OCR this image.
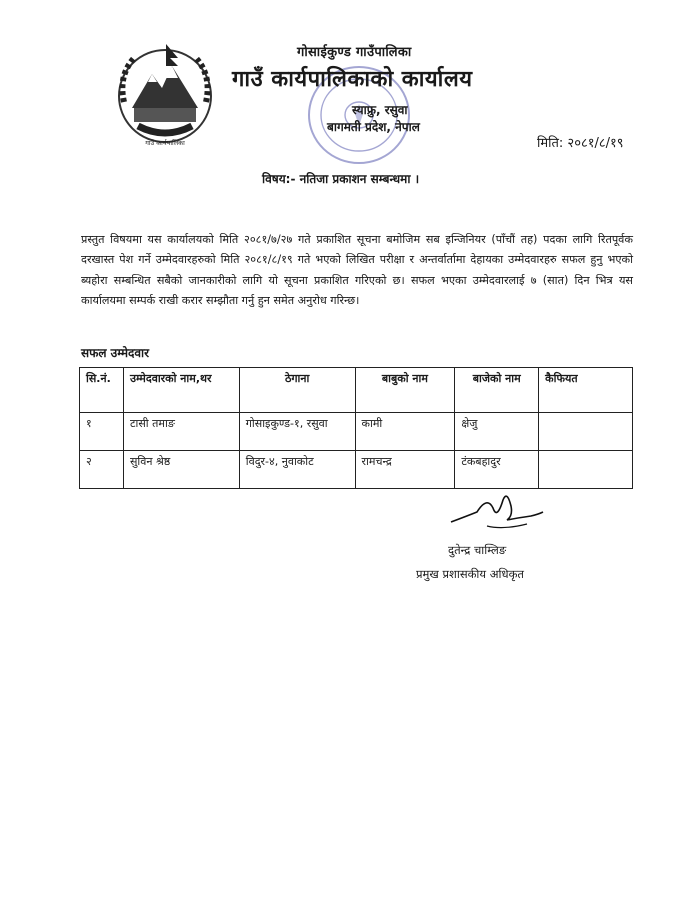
गाउँ कार्यपालिका
गोसाईकुण्ड गाउँपालिका
गाउँ कार्यपालिकाको कार्यालय
स्याफ्रु, रसुवा
बागमती प्रदेश, नेपाल
मिति: २०८१/८/१९
विषय:- नतिजा प्रकाशन सम्बन्धमा ।
प्रस्तुत विषयमा यस कार्यालयको मिति २०८१/७/२७ गते प्रकाशित सूचना बमोजिम सब इन्जिनियर (पाँचौं तह) पदका लागि रितपूर्वक दरखास्त पेश गर्ने उम्मेदवारहरुको मिति २०८१/८/१९ गते भएको लिखित परीक्षा र अन्तर्वार्तामा देहायका उम्मेदवारहरु सफल हुनु भएको ब्यहोरा सम्बन्धित सबैको जानकारीको लागि यो सूचना प्रकाशित गरिएको छ। सफल भएका उम्मेदवारलाई ७ (सात) दिन भित्र यस कार्यालयमा सम्पर्क राखी करार सम्झौता गर्नु हुन समेत अनुरोध गरिन्छ।
सफल उम्मेदवार
सि.नं.	उम्मेदवारको नाम,थर	ठेगाना	बाबुको नाम	बाजेको नाम	कैफियत
१	टासी तमाङ	गोसाइकुण्ड-१, रसुवा	कामी	क्षेजु	
२	सुविन श्रेष्ठ	विदुर-४, नुवाकोट	रामचन्द्र	टंकबहादुर	
दुतेन्द्र चाम्लिङ
प्रमुख प्रशासकीय अधिकृत
